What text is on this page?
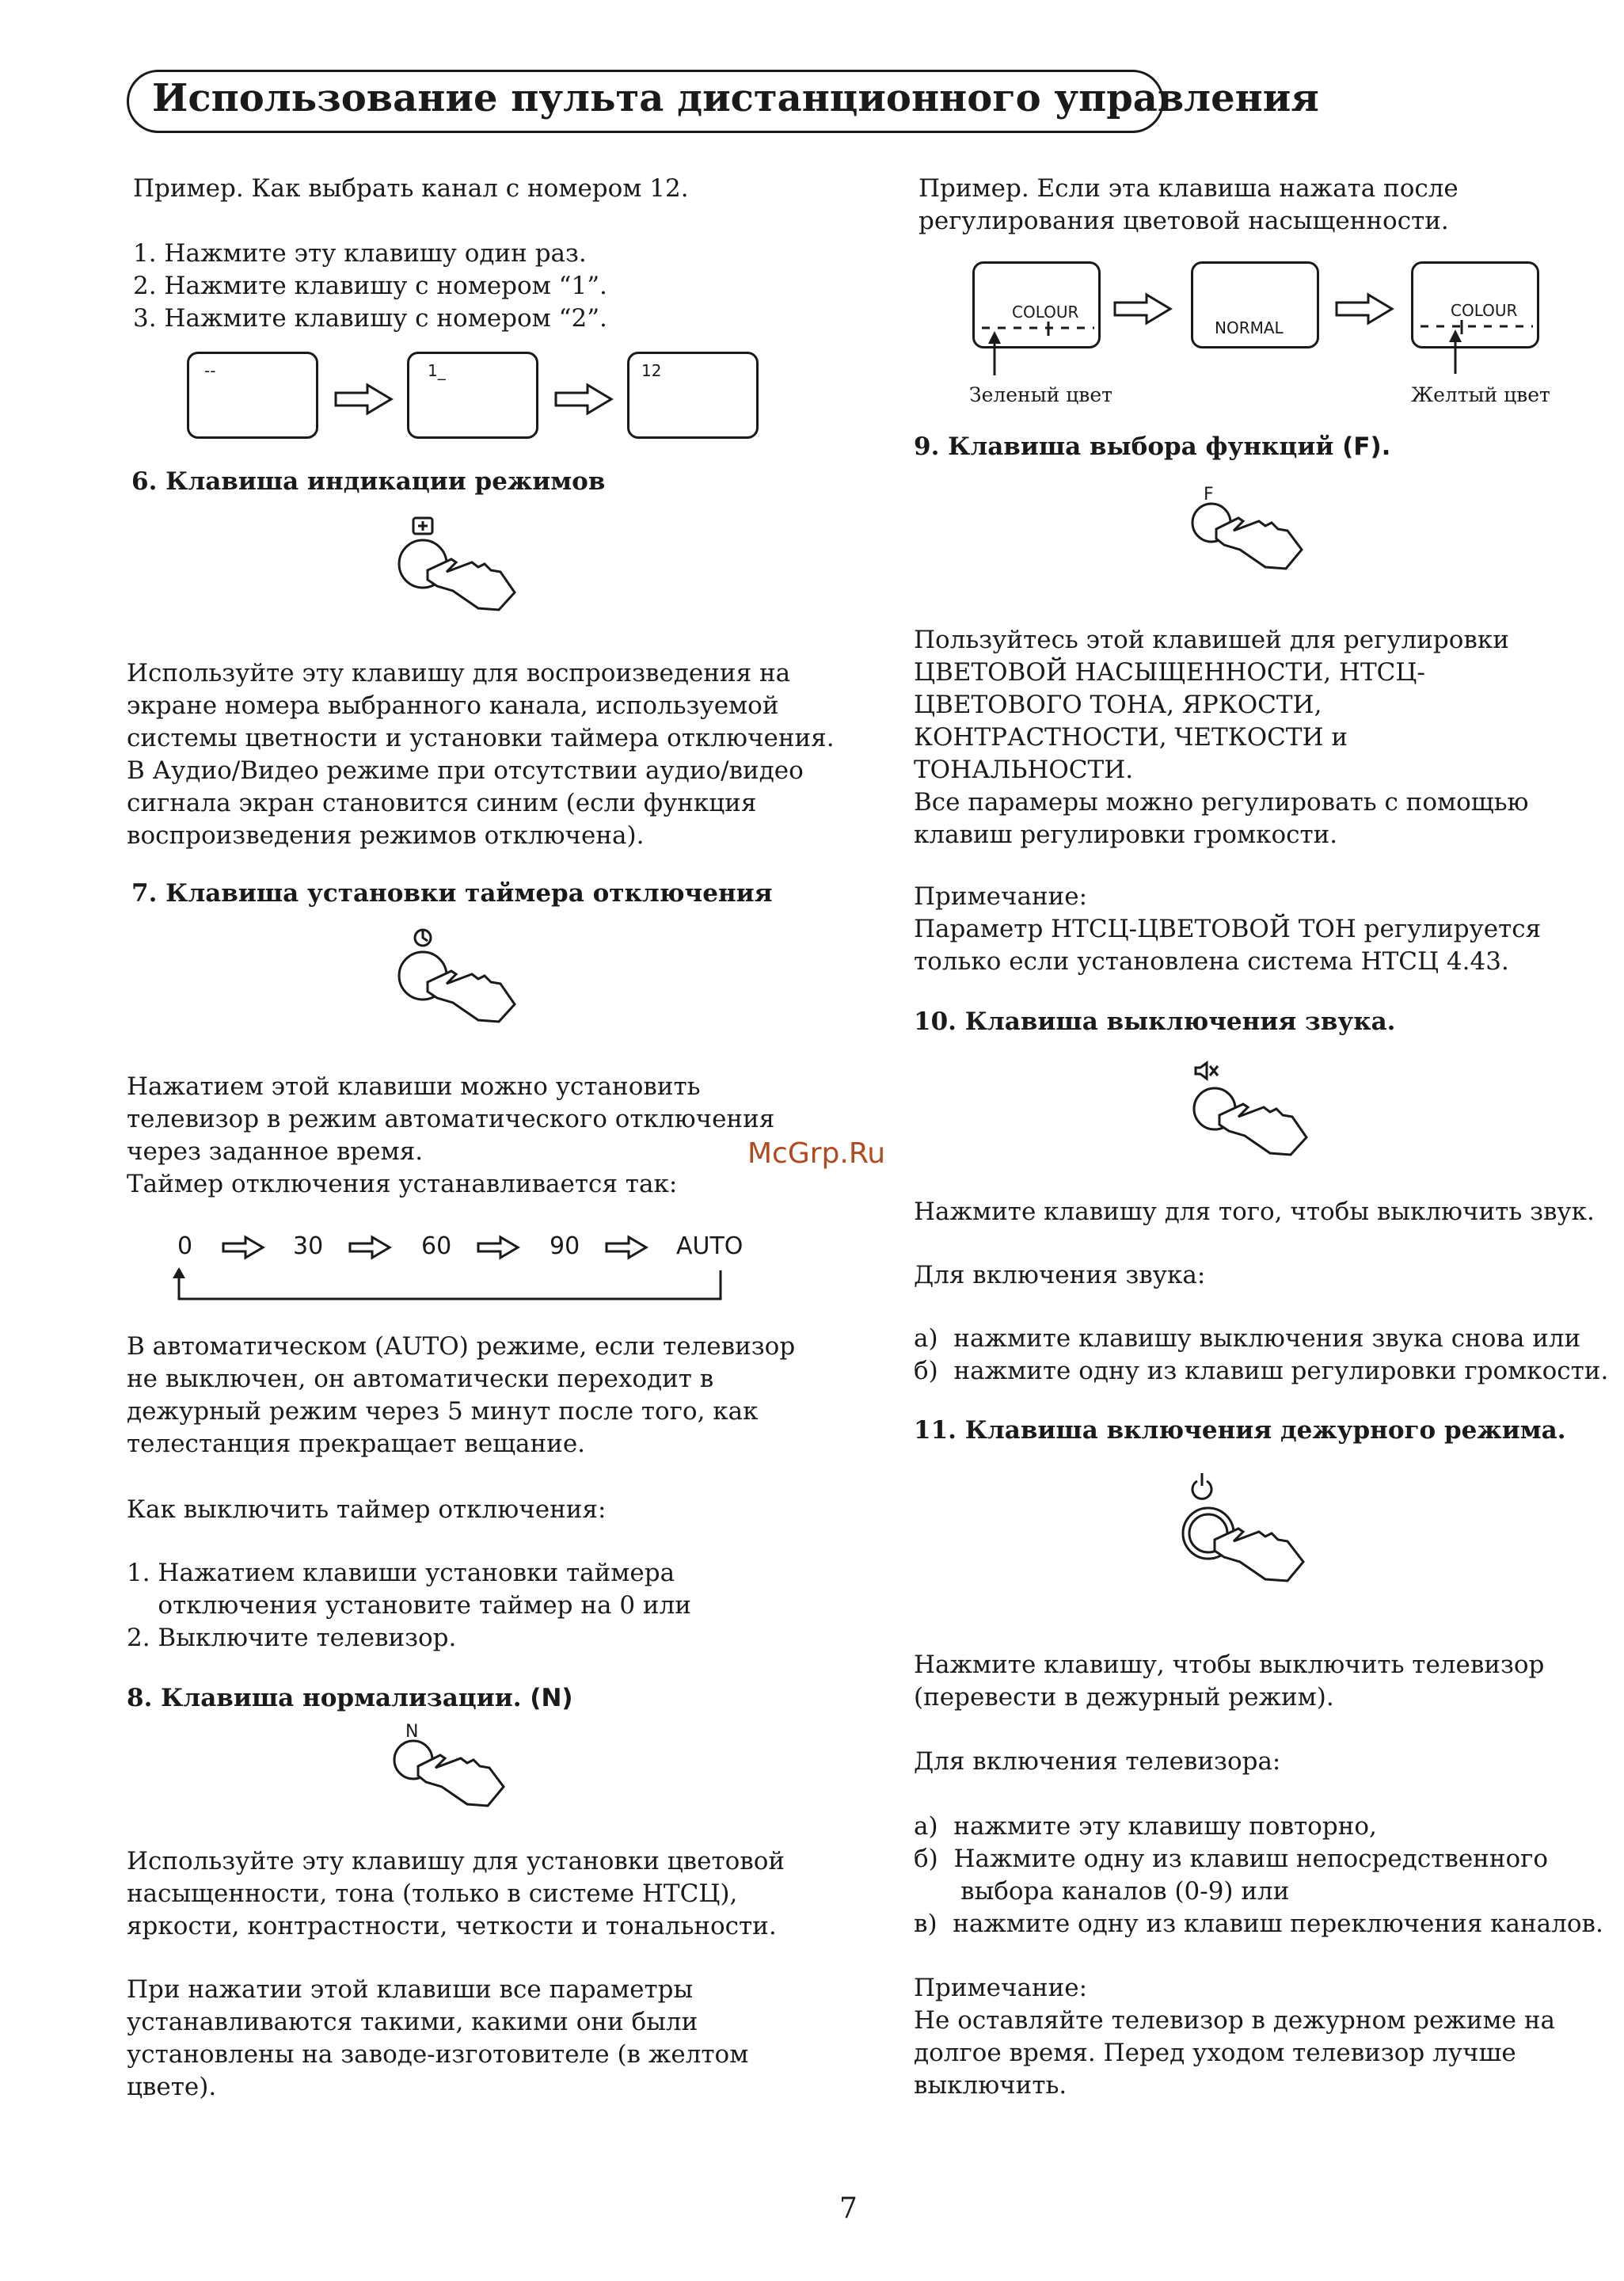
Использование пульта дистанционного управления
Пример. Как выбрать канал с номером 12.
1. Нажмите эту клавишу один раз.
2. Нажмите клавишу с номером “1”.
3. Нажмите клавишу с номером “2”.
--	1_	12
6. Клавиша индикации режимов
Используйте эту клавишу для воспроизведения на
экране номера выбранного канала, используемой
системы цветности и установки таймера отключения.
В Аудио/Видео режиме при отсутствии аудио/видео
сигнала экран становится синим (если функция
воспроизведения режимов отключена).
7. Клавиша установки таймера отключения
Нажатием этой клавиши можно установить
телевизор в режим автоматического отключения
через заданное время.
Таймер отключения устанавливается так:
0	30	60	90	AUTO
В автоматическом (AUTO) режиме, если телевизор
не выключен, он автоматически переходит в
дежурный режим через 5 минут после того, как
телестанция прекращает вещание.
Как выключить таймер отключения:
1. Нажатием клавиши установки таймера
отключения установите таймер на 0 или
2. Выключите телевизор.
8. Клавиша нормализации. (N)
N
Используйте эту клавишу для установки цветовой
насыщенности, тона (только в системе НТСЦ),
яркости, контрастности, четкости и тональности.
При нажатии этой клавиши все параметры
устанавливаются такими, какими они были
установлены на заводе-изготовителе (в желтом
цвете).
McGrp.Ru
Пример. Если эта клавиша нажата после
регулирования цветовой насыщенности.
COLOUR
NORMAL
COLOUR
Зеленый цвет	Желтый цвет
9. Клавиша выбора функций (F).
F
Пользуйтесь этой клавишей для регулировки
ЦВЕТОВОЙ НАСЫЩЕННОСТИ, НТСЦ-
ЦВЕТОВОГО ТОНА, ЯРКОСТИ,
КОНТРАСТНОСТИ, ЧЕТКОСТИ и
ТОНАЛЬНОСТИ.
Все парамеры можно регулировать с помощью
клавиш регулировки громкости.
Примечание:
Параметр НТСЦ-ЦВЕТОВОЙ ТОН регулируется
только если установлена система НТСЦ 4.43.
10. Клавиша выключения звука.
Нажмите клавишу для того, чтобы выключить звук.
Для включения звука:
а)  нажмите клавишу выключения звука снова или
б)  нажмите одну из клавиш регулировки громкости.
11. Клавиша включения дежурного режима.
Нажмите клавишу, чтобы выключить телевизор
(перевести в дежурный режим).
Для включения телевизора:
а)  нажмите эту клавишу повторно,
б)  Нажмите одну из клавиш непосредственного
выбора каналов (0-9) или
в)  нажмите одну из клавиш переключения каналов.
Примечание:
Не оставляйте телевизор в дежурном режиме на
долгое время. Перед уходом телевизор лучше
выключить.
7
